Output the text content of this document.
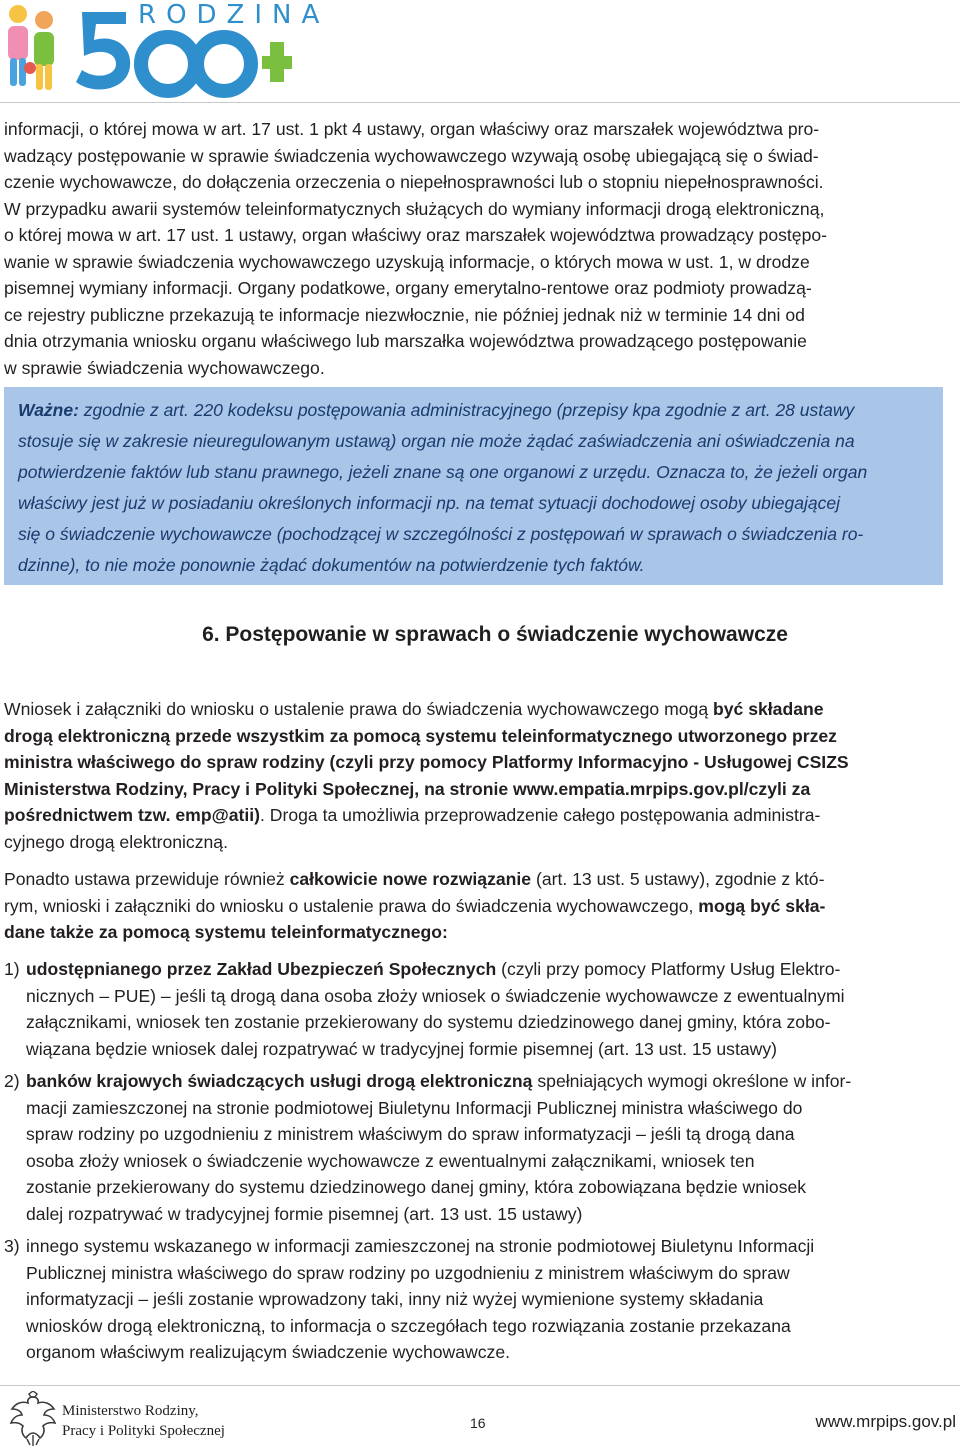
RODZINA
informacji, o której mowa w art. 17 ust. 1 pkt 4 ustawy, organ właściwy oraz marszałek województwa pro-
wadzący postępowanie w sprawie świadczenia wychowawczego wzywają osobę ubiegającą się o świad-
czenie wychowawcze, do dołączenia orzeczenia o niepełnosprawności lub o stopniu niepełnosprawności.
W przypadku awarii systemów teleinformatycznych służących do wymiany informacji drogą elektroniczną,
o której mowa w art. 17 ust. 1 ustawy, organ właściwy oraz marszałek województwa prowadzący postępo-
wanie w sprawie świadczenia wychowawczego uzyskują informacje, o których mowa w ust. 1, w drodze
pisemnej wymiany informacji. Organy podatkowe, organy emerytalno-rentowe oraz podmioty prowadzą-
ce rejestry publiczne przekazują te informacje niezwłocznie, nie później jednak niż w terminie 14 dni od
dnia otrzymania wniosku organu właściwego lub marszałka województwa prowadzącego postępowanie
w sprawie świadczenia wychowawczego.
Ważne: zgodnie z art. 220 kodeksu postępowania administracyjnego (przepisy kpa zgodnie z art. 28 ustawy
stosuje się w zakresie nieuregulowanym ustawą) organ nie może żądać zaświadczenia ani oświadczenia na
potwierdzenie faktów lub stanu prawnego, jeżeli znane są one organowi z urzędu. Oznacza to, że jeżeli organ
właściwy jest już w posiadaniu określonych informacji np. na temat sytuacji dochodowej osoby ubiegającej
się o świadczenie wychowawcze (pochodzącej w szczególności z postępowań w sprawach o świadczenia ro-
dzinne), to nie może ponownie żądać dokumentów na potwierdzenie tych faktów.
6. Postępowanie w sprawach o świadczenie wychowawcze
Wniosek i załączniki do wniosku o ustalenie prawa do świadczenia wychowawczego mogą być składane
drogą elektroniczną przede wszystkim za pomocą systemu teleinformatycznego utworzonego przez
ministra właściwego do spraw rodziny (czyli przy pomocy Platformy Informacyjno - Usługowej CSIZS
Ministerstwa Rodziny, Pracy i Polityki Społecznej, na stronie www.empatia.mrpips.gov.pl/czyli za
pośrednictwem tzw. emp@atii). Droga ta umożliwia przeprowadzenie całego postępowania administra-
cyjnego drogą elektroniczną.
Ponadto ustawa przewiduje również całkowicie nowe rozwiązanie (art. 13 ust. 5 ustawy), zgodnie z któ-
rym, wnioski i załączniki do wniosku o ustalenie prawa do świadczenia wychowawczego, mogą być skła-
dane także za pomocą systemu teleinformatycznego:
1) udostępnianego przez Zakład Ubezpieczeń Społecznych (czyli przy pomocy Platformy Usług Elektro-
nicznych – PUE) – jeśli tą drogą dana osoba złoży wniosek o świadczenie wychowawcze z ewentualnymi
załącznikami, wniosek ten zostanie przekierowany do systemu dziedzinowego danej gminy, która zobo-
wiązana będzie wniosek dalej rozpatrywać w tradycyjnej formie pisemnej (art. 13 ust. 15 ustawy)
2) banków krajowych świadczących usługi drogą elektroniczną spełniających wymogi określone w infor-
macji zamieszczonej na stronie podmiotowej Biuletynu Informacji Publicznej ministra właściwego do
spraw rodziny po uzgodnieniu z ministrem właściwym do spraw informatyzacji – jeśli tą drogą dana
osoba złoży wniosek o świadczenie wychowawcze z ewentualnymi załącznikami, wniosek ten
zostanie przekierowany do systemu dziedzinowego danej gminy, która zobowiązana będzie wniosek
dalej rozpatrywać w tradycyjnej formie pisemnej (art. 13 ust. 15 ustawy)
3) innego systemu wskazanego w informacji zamieszczonej na stronie podmiotowej Biuletynu Informacji
Publicznej ministra właściwego do spraw rodziny po uzgodnieniu z ministrem właściwym do spraw
informatyzacji – jeśli zostanie wprowadzony taki, inny niż wyżej wymienione systemy składania
wniosków drogą elektroniczną, to informacja o szczegółach tego rozwiązania zostanie przekazana
organom właściwym realizującym świadczenie wychowawcze.
Ministerstwo Rodziny,
Pracy i Polityki Społecznej	16	www.mrpips.gov.pl
